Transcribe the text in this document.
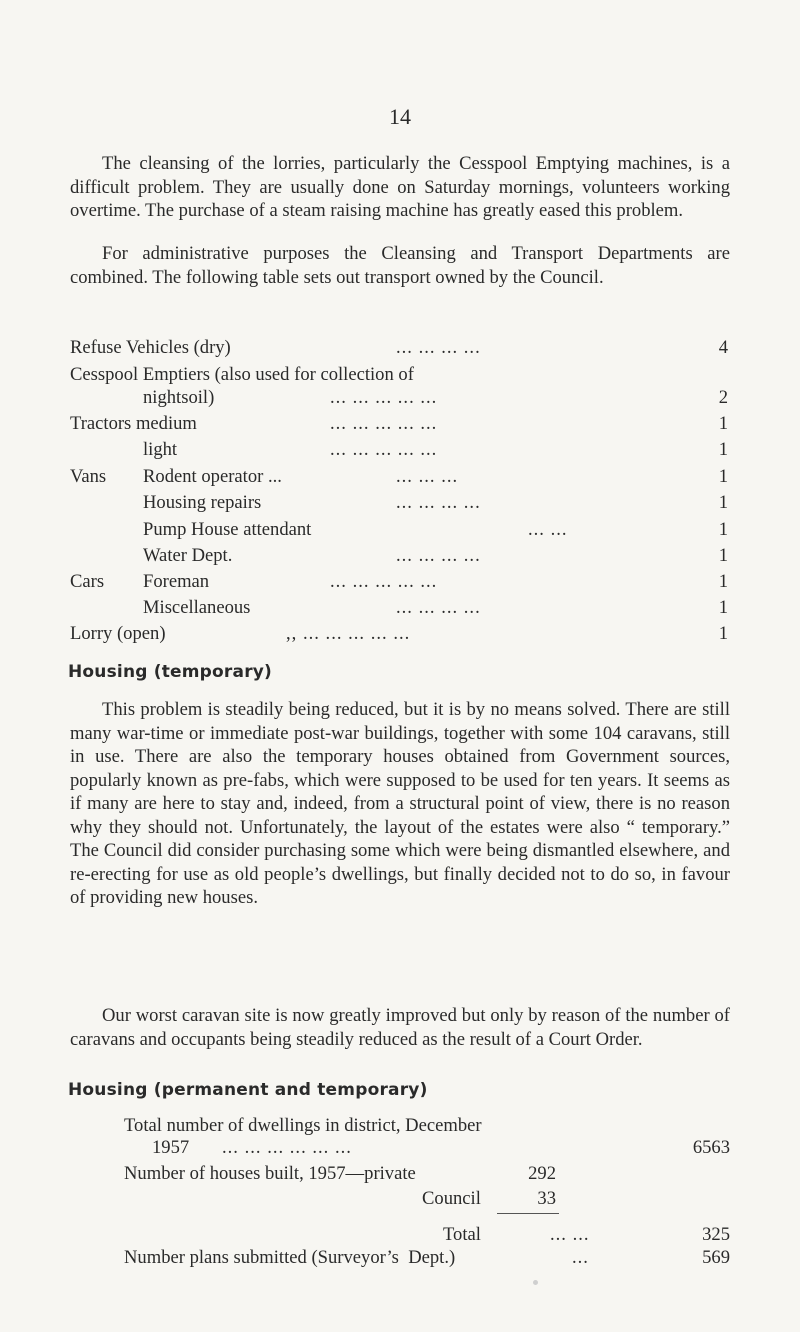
14

The cleansing of the lorries, particularly the Cesspool Emptying machines, is a difficult problem. They are usually done on Saturday mornings, volunteers working overtime. The purchase of a steam raising machine has greatly eased this problem.

For administrative purposes the Cleansing and Transport Departments are combined. The following table sets out transport owned by the Council.

Refuse Vehicles (dry)	... ... ... ...	4
Cesspool Emptiers (also used for collection of
nightsoil)	... ... ... ... ...	2
Tractors medium	... ... ... ... ...	1
light	... ... ... ... ...	1
Vans Rodent operator ...	... ... ...	1
Housing repairs	... ... ... ...	1
Pump House attendant	... ...	1
Water Dept.	... ... ... ...	1
Cars Foreman	... ... ... ... ...	1
Miscellaneous	... ... ... ...	1
Lorry (open)	,, ... ... ... ... ...	1
Housing (temporary)

This problem is steadily being reduced, but it is by no means solved. There are still many war-time or immediate post-war buildings, together with some 104 caravans, still in use. There are also the temporary houses obtained from Government sources, popularly known as pre-fabs, which were supposed to be used for ten years. It seems as if many are here to stay and, indeed, from a structural point of view, there is no reason why they should not. Unfortunately, the layout of the estates were also “ temporary.” The Council did consider purchasing some which were being dismantled elsewhere, and re-erecting for use as old people’s dwellings, but finally decided not to do so, in favour of providing new houses.

Our worst caravan site is now greatly improved but only by reason of the number of caravans and occupants being steadily reduced as the result of a Court Order.

Housing (permanent and temporary)
Total number of dwellings in district, December
1957 ... ... ... ... ... ...	6563
Number of houses built, 1957—private	292
Council	33
Total	... ...	325
Number plans submitted (Surveyor’s  Dept.)	...	569
